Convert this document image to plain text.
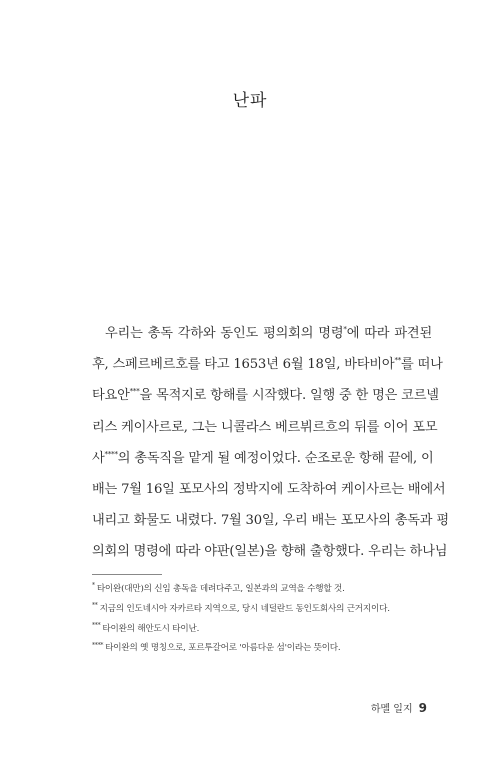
난파
우리는 총독 각하와 동인도 평의회의 명령*에 따라 파견된
후, 스페르베르호를 타고 1653년 6월 18일, 바타비아**를 떠나
타요안***을 목적지로 항해를 시작했다. 일행 중 한 명은 코르넬
리스 케이사르로, 그는 니콜라스 베르뷔르흐의 뒤를 이어 포모
사****의 총독직을 맡게 될 예정이었다. 순조로운 항해 끝에, 이
배는 7월 16일 포모사의 정박지에 도착하여 케이사르는 배에서
내리고 화물도 내렸다. 7월 30일, 우리 배는 포모사의 총독과 평
의회의 명령에 따라 야판(일본)을 향해 출항했다. 우리는 하나님
* 타이완(대만)의 신임 총독을 데려다주고, 일본과의 교역을 수행할 것.
** 지금의 인도네시아 자카르타 지역으로, 당시 네덜란드 동인도회사의 근거지이다.
*** 타이완의 해안도시 타이난.
**** 타이완의 옛 명칭으로, 포르투갈어로 '아름다운 섬'이라는 뜻이다.
하멜 일지 9
